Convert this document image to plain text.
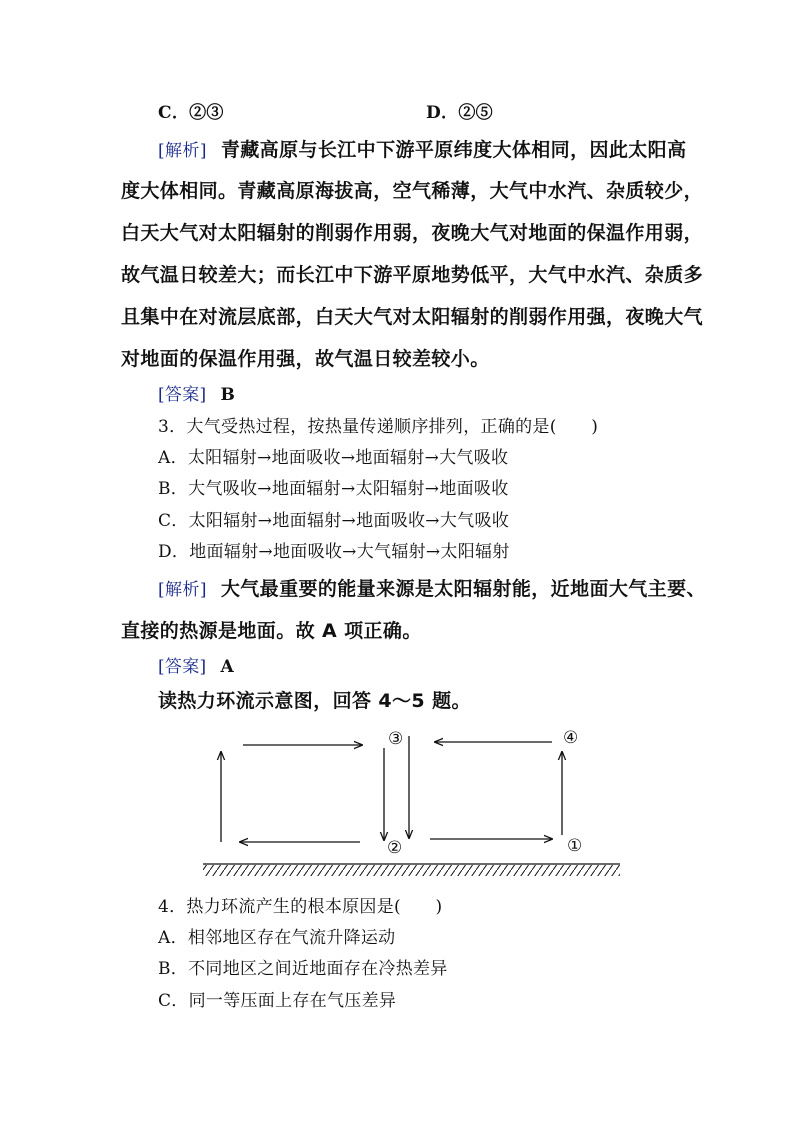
C．②③	D．②⑤
[解析] 青藏高原与长江中下游平原纬度大体相同，因此太阳高
度大体相同。青藏高原海拔高，空气稀薄，大气中水汽、杂质较少，
白天大气对太阳辐射的削弱作用弱，夜晚大气对地面的保温作用弱，
故气温日较差大；而长江中下游平原地势低平，大气中水汽、杂质多
且集中在对流层底部，白天大气对太阳辐射的削弱作用强，夜晚大气
对地面的保温作用强，故气温日较差较小。
[答案] B
3．大气受热过程，按热量传递顺序排列，正确的是(　　)
A．太阳辐射→地面吸收→地面辐射→大气吸收
B．大气吸收→地面辐射→太阳辐射→地面吸收
C．太阳辐射→地面辐射→地面吸收→大气吸收
D．地面辐射→地面吸收→大气辐射→太阳辐射
[解析] 大气最重要的能量来源是太阳辐射能，近地面大气主要、
直接的热源是地面。故 A 项正确。
[答案] A
读热力环流示意图，回答 4～5 题。
③	④
②	①
4．热力环流产生的根本原因是(　　)
A．相邻地区存在气流升降运动
B．不同地区之间近地面存在冷热差异
C．同一等压面上存在气压差异
